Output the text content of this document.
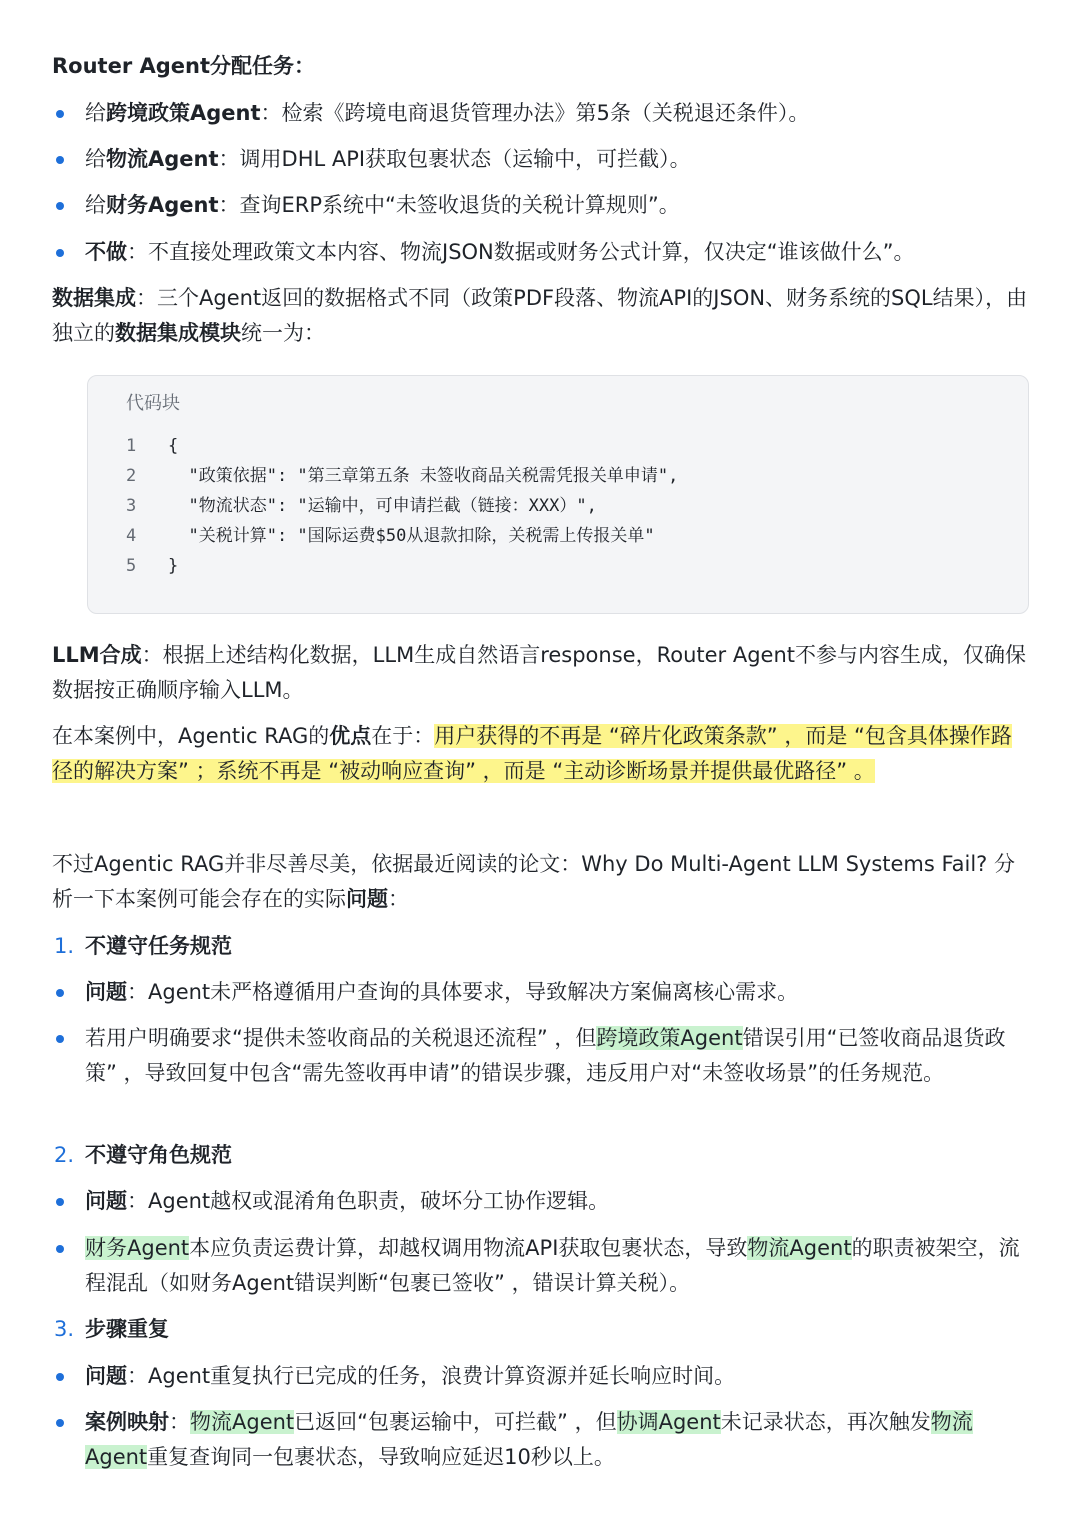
Router Agent分配任务：

给跨境政策Agent：检索《跨境电商退货管理办法》第5条（关税退还条件）。

给物流Agent：调用DHL API获取包裹状态（运输中，可拦截）。

给财务Agent：查询ERP系统中“未签收退货的关税计算规则”。

不做：不直接处理政策文本内容、物流JSON数据或财务公式计算，仅决定“谁该做什么”。

数据集成：三个Agent返回的数据格式不同（政策PDF段落、物流API的JSON、财务系统的SQL结果），由独立的数据集成模块统一为：

代码块
1	{
2	"政策依据": "第三章第五条 未签收商品关税需凭报关单申请",
3	"物流状态": "运输中，可申请拦截（链接：XXX）",
4	"关税计算": "国际运费$50从退款扣除，关税需上传报关单"
5	}

LLM合成：根据上述结构化数据，LLM生成自然语言response，Router Agent不参与内容生成，仅确保数据按正确顺序输入LLM。

在本案例中，Agentic RAG的优点在于：用户获得的不再是 “碎片化政策条款” ，而是 “包含具体操作路径的解决方案” ；系统不再是 “被动响应查询” ，而是 “主动诊断场景并提供最优路径” 。

不过Agentic RAG并非尽善尽美，依据最近阅读的论文：Why Do Multi-Agent LLM Systems Fail? 分析一下本案例可能会存在的实际问题：

1. 不遵守任务规范

问题：Agent未严格遵循用户查询的具体要求，导致解决方案偏离核心需求。

若用户明确要求“提供未签收商品的关税退还流程” ，但跨境政策Agent错误引用“已签收商品退货政策” ，导致回复中包含“需先签收再申请”的错误步骤，违反用户对“未签收场景”的任务规范。

2. 不遵守角色规范

问题：Agent越权或混淆角色职责，破坏分工协作逻辑。

财务Agent本应负责运费计算，却越权调用物流API获取包裹状态，导致物流Agent的职责被架空，流程混乱（如财务Agent错误判断“包裹已签收” ，错误计算关税）。

3. 步骤重复

问题：Agent重复执行已完成的任务，浪费计算资源并延长响应时间。

案例映射：物流Agent已返回“包裹运输中，可拦截” ，但协调Agent未记录状态，再次触发物流Agent重复查询同一包裹状态，导致响应延迟10秒以上。
